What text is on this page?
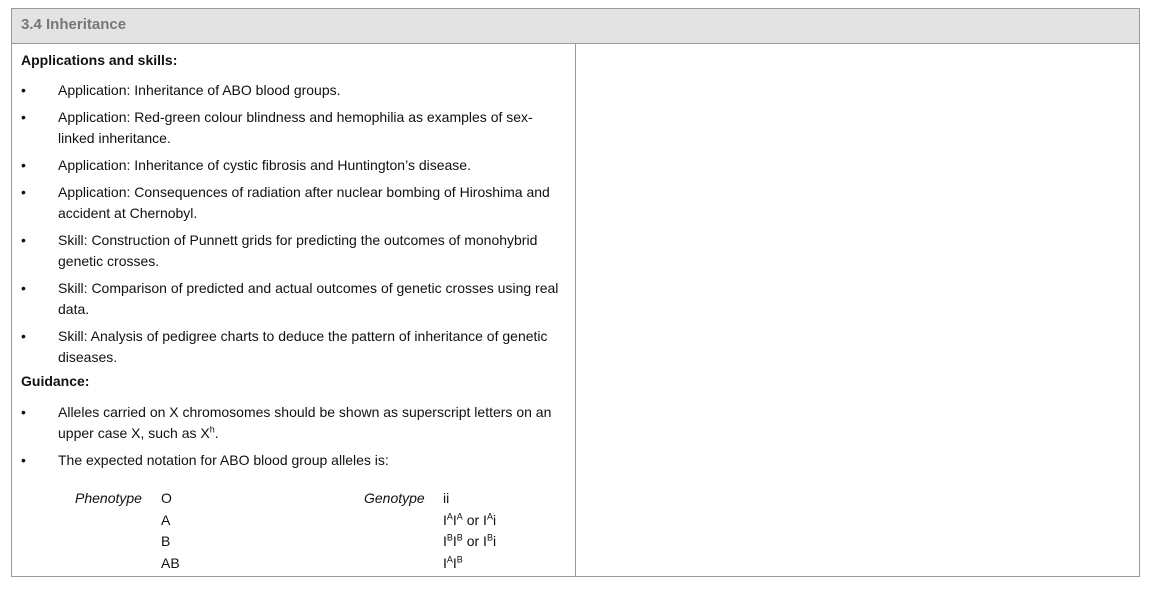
3.4 Inheritance
Applications and skills:
• Application: Inheritance of ABO blood groups.
• Application: Red-green colour blindness and hemophilia as examples of sex-linked inheritance.
• Application: Inheritance of cystic fibrosis and Huntington’s disease.
• Application: Consequences of radiation after nuclear bombing of Hiroshima and accident at Chernobyl.
• Skill: Construction of Punnett grids for predicting the outcomes of monohybrid genetic crosses.
• Skill: Comparison of predicted and actual outcomes of genetic crosses using real data.
• Skill: Analysis of pedigree charts to deduce the pattern of inheritance of genetic diseases.
Guidance:
• Alleles carried on X chromosomes should be shown as superscript letters on an upper case X, such as $X^h$.
• The expected notation for ABO blood group alleles is:
Phenotype O
A
B
AB
Genotype ii
$I^AI^A$ or $I^Ai$
$I^BI^B$ or $I^Bi$
$I^AI^B$
